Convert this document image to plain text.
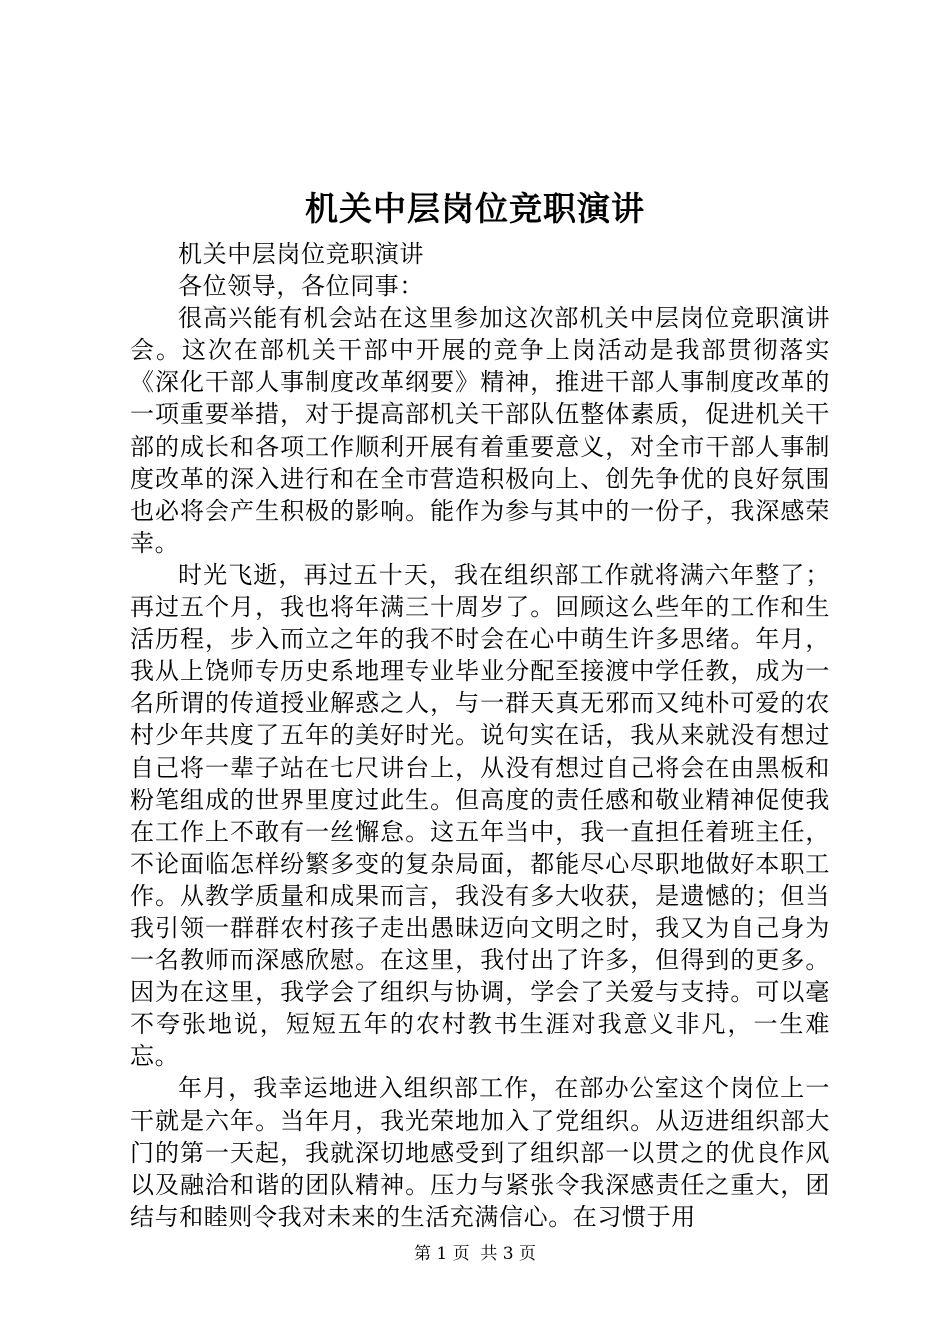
机关中层岗位竞职演讲

机关中层岗位竞职演讲

各位领导，各位同事：

很高兴能有机会站在这里参加这次部机关中层岗位竞职演讲会。这次在部机关干部中开展的竞争上岗活动是我部贯彻落实《深化干部人事制度改革纲要》精神，推进干部人事制度改革的一项重要举措，对于提高部机关干部队伍整体素质，促进机关干部的成长和各项工作顺利开展有着重要意义，对全市干部人事制度改革的深入进行和在全市营造积极向上、创先争优的良好氛围也必将会产生积极的影响。能作为参与其中的一份子，我深感荣幸。

时光飞逝，再过五十天，我在组织部工作就将满六年整了；再过五个月，我也将年满三十周岁了。回顾这么些年的工作和生活历程，步入而立之年的我不时会在心中萌生许多思绪。年月，我从上饶师专历史系地理专业毕业分配至接渡中学任教，成为一名所谓的传道授业解惑之人，与一群天真无邪而又纯朴可爱的农村少年共度了五年的美好时光。说句实在话，我从来就没有想过自己将一辈子站在七尺讲台上，从没有想过自己将会在由黑板和粉笔组成的世界里度过此生。但高度的责任感和敬业精神促使我在工作上不敢有一丝懈怠。这五年当中，我一直担任着班主任，不论面临怎样纷繁多变的复杂局面，都能尽心尽职地做好本职工作。从教学质量和成果而言，我没有多大收获，是遗憾的；但当我引领一群群农村孩子走出愚昧迈向文明之时，我又为自己身为一名教师而深感欣慰。在这里，我付出了许多，但得到的更多。因为在这里，我学会了组织与协调，学会了关爱与支持。可以毫不夸张地说，短短五年的农村教书生涯对我意义非凡，一生难忘。

年月，我幸运地进入组织部工作，在部办公室这个岗位上一干就是六年。当年月，我光荣地加入了党组织。从迈进组织部大门的第一天起，我就深切地感受到了组织部一以贯之的优良作风以及融洽和谐的团队精神。压力与紧张令我深感责任之重大，团结与和睦则令我对未来的生活充满信心。在习惯于用

第 1 页 共 3 页
